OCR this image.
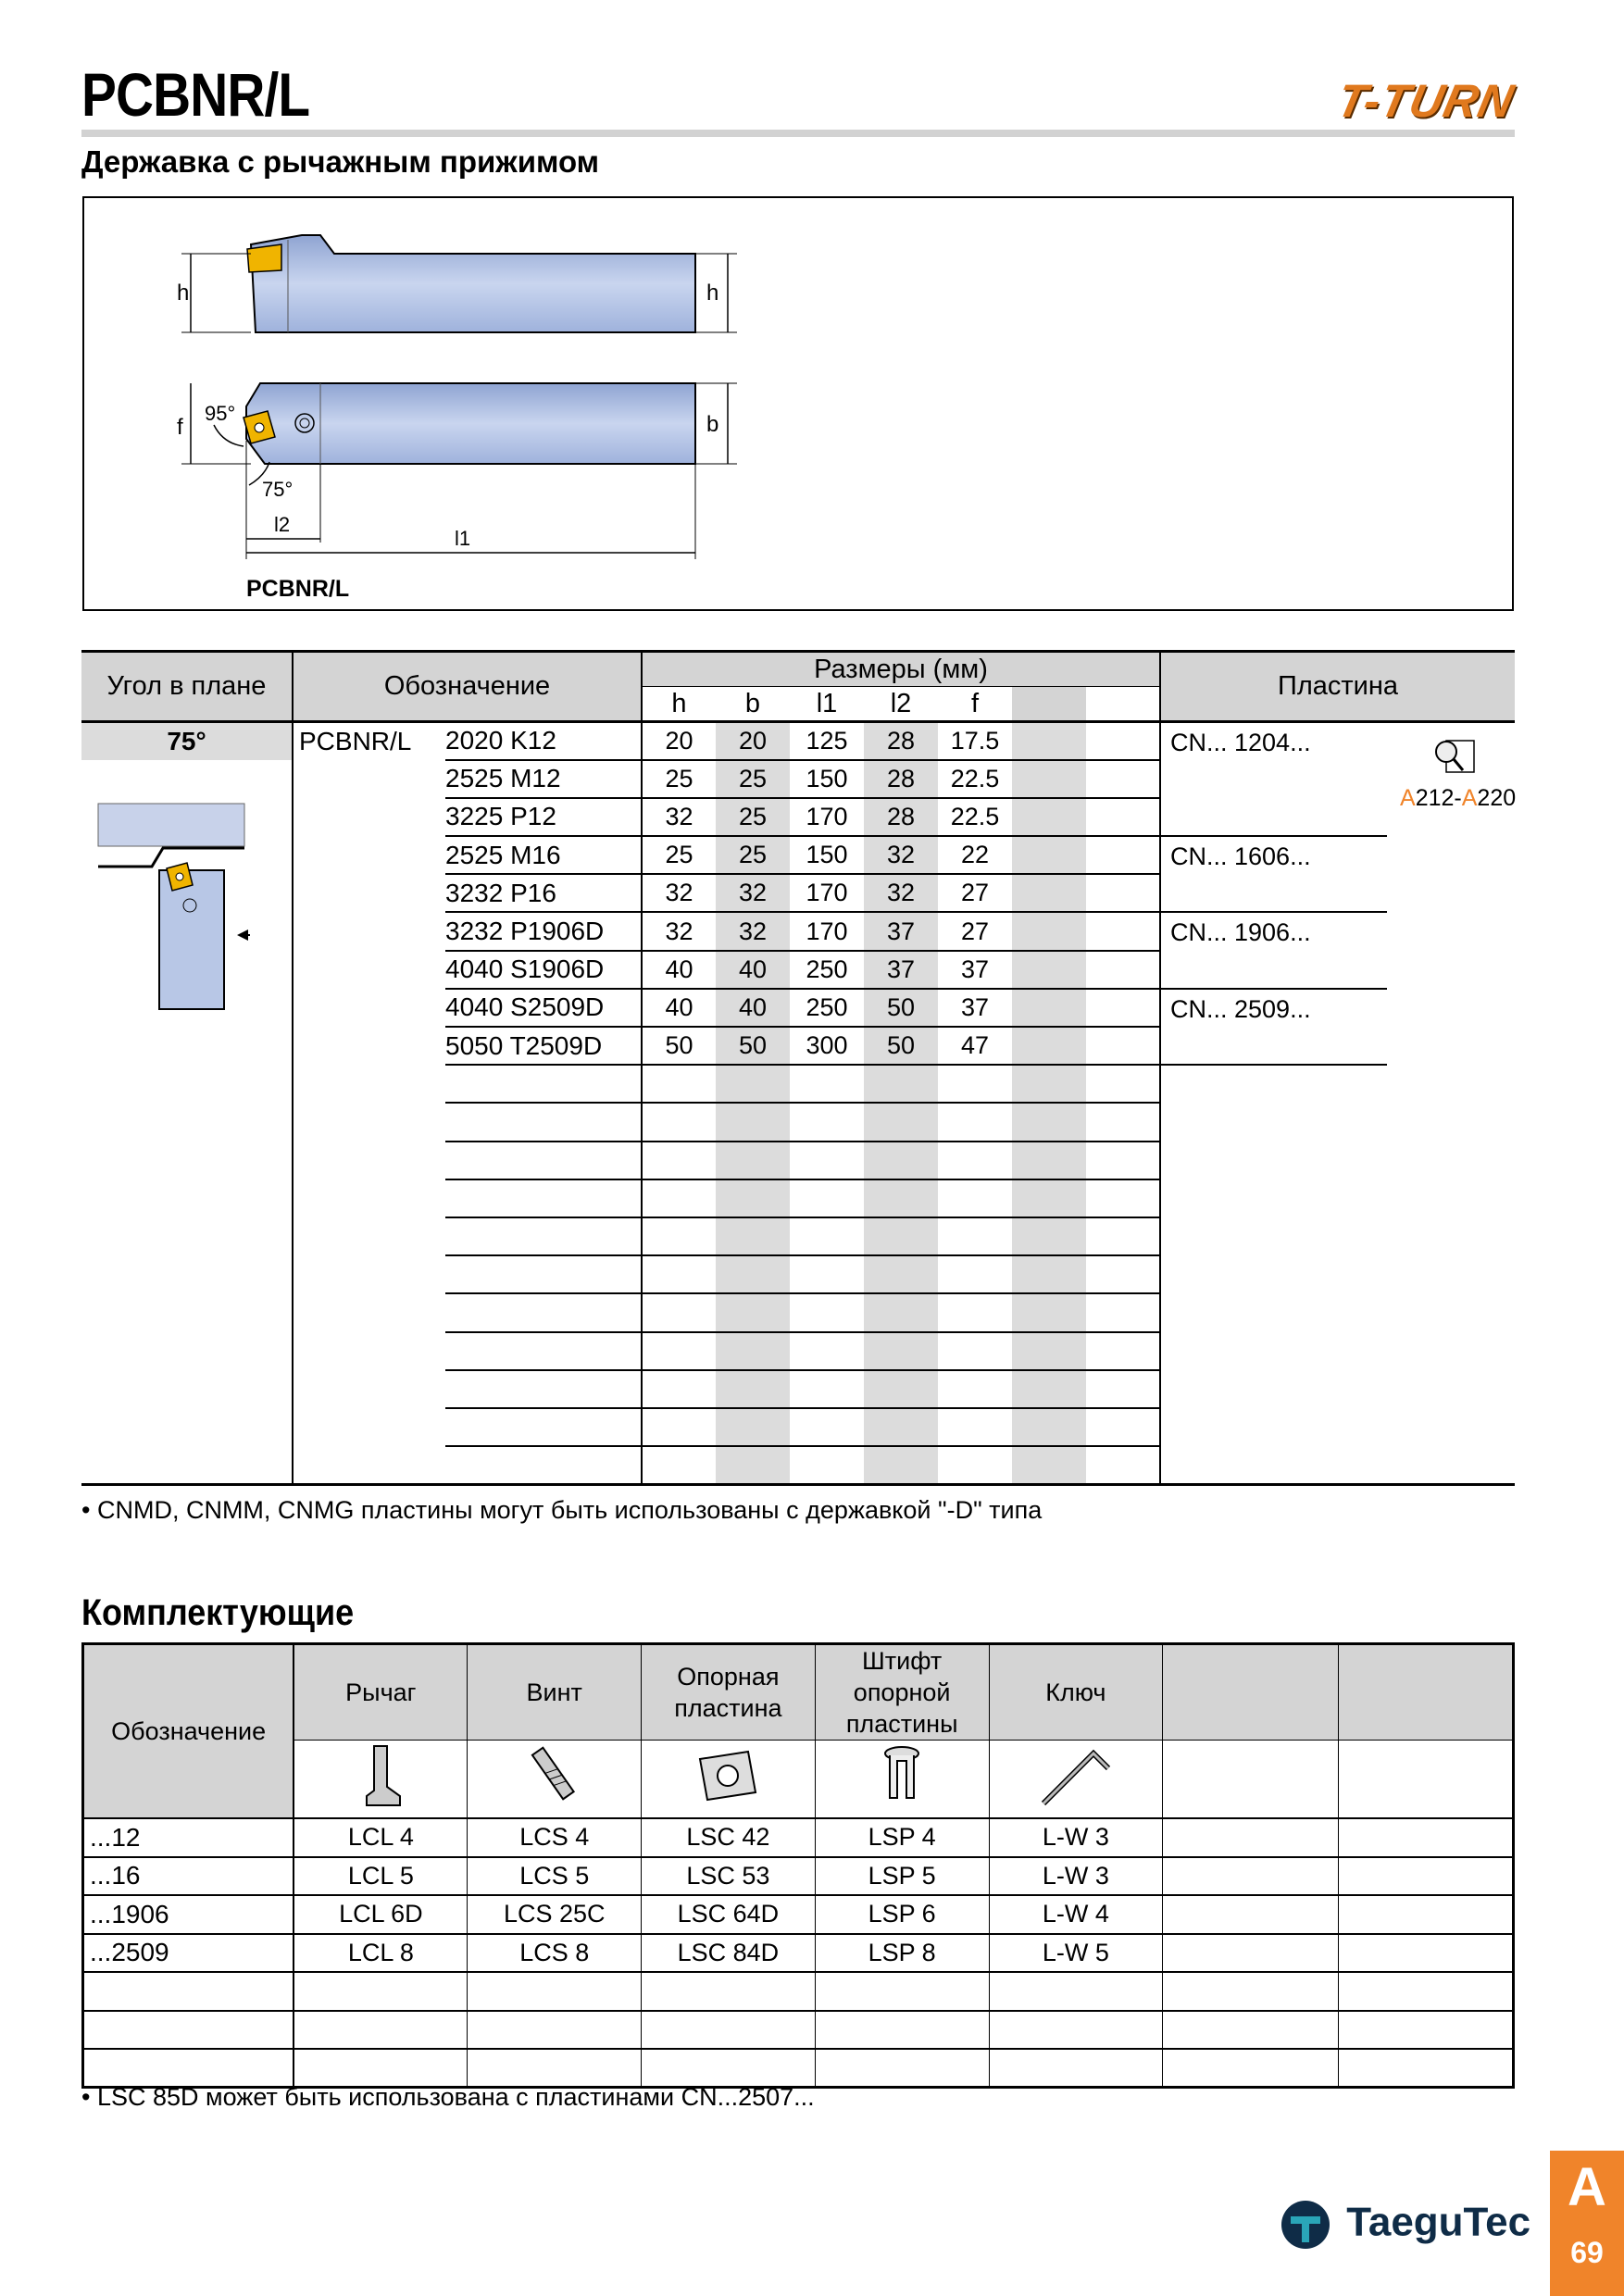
PCBNR/L	T-TURN
Державка с рычажным прижимом
h	h
f	b
95°
75°
l2
l1
PCBNR/L
Угол в плане	Обозначение		Размеры (мм)							Пластина	
			h	b	l1	l2	f				
75°	PCBNR/L	2020 K12	20	20	125	28	17.5			CN... 1204...	
		2525 M12	25	25	150	28	22.5				
		3225 P12	32	25	170	28	22.5				
		2525 M16	25	25	150	32	22			CN... 1606...	
		3232 P16	32	32	170	32	27				
		3232 P1906D	32	32	170	37	27			CN... 1906...	
		4040 S1906D	40	40	250	37	37				
		4040 S2509D	40	40	250	50	37			CN... 2509...	
		5050 T2509D	50	50	300	50	47				

A212-A220
• CNMD, CNMM, CNMG пластины могут быть использованы с державкой "-D" типа
Комплектующие
Обозначение	Рычаг	Винт	Опорная пластина	Штифт опорной пластины	Ключ		

...12	LCL 4	LCS 4	LSC 42	LSP 4	L-W 3		
...16	LCL 5	LCS 5	LSC 53	LSP 5	L-W 3		
...1906	LCL 6D	LCS 25C	LSC 64D	LSP 6	L-W 4		
...2509	LCL 8	LCS 8	LSC 84D	LSP 8	L-W 5		

• LSC 85D может быть использована с пластинами CN...2507...
TaeguTec
A
69
